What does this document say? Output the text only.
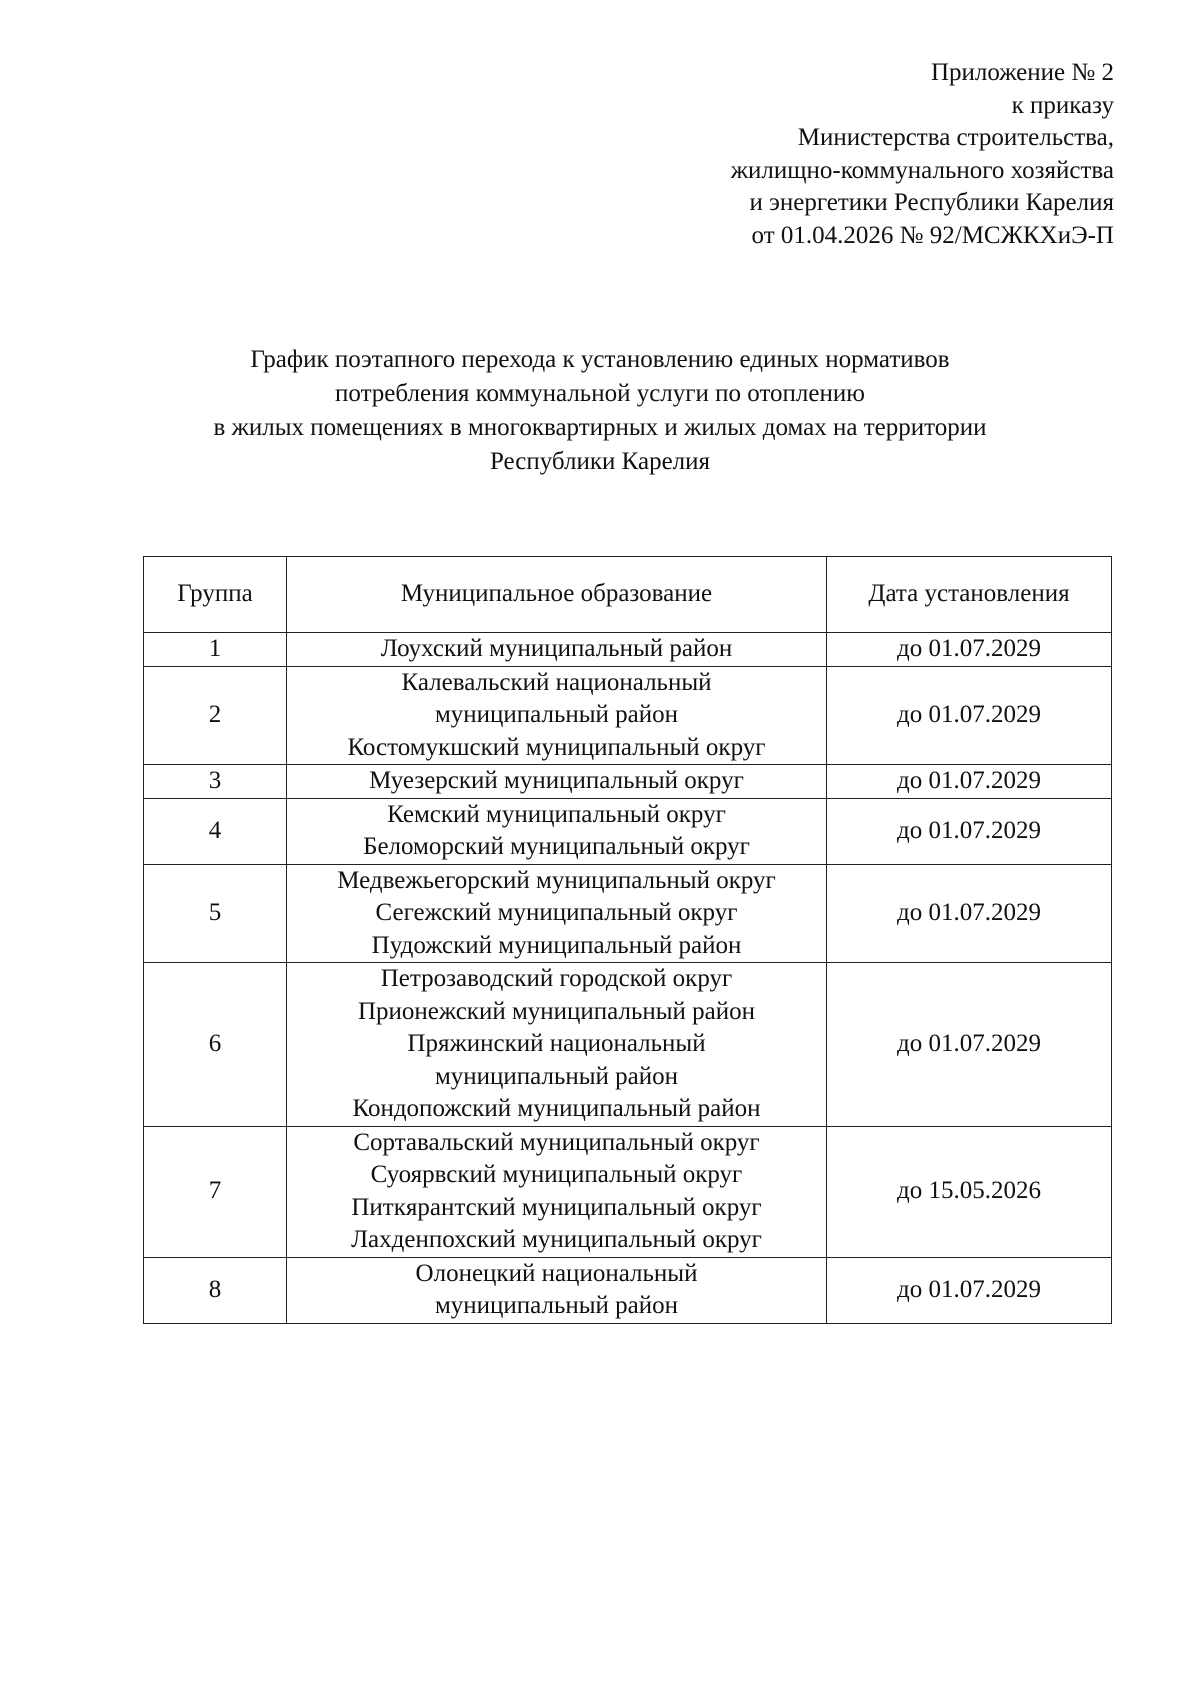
Приложение № 2
к приказу
Министерства строительства,
жилищно-коммунального хозяйства
и энергетики Республики Карелия
от 01.04.2026 № 92/МСЖКХиЭ-П
График поэтапного перехода к установлению единых нормативов
потребления коммунальной услуги по отоплению
в жилых помещениях в многоквартирных и жилых домах на территории
Республики Карелия
Группа	Муниципальное образование	Дата установления
1	Лоухский муниципальный район	до 01.07.2029
2	Калевальский национальный
муниципальный район
Костомукшский муниципальный округ	до 01.07.2029
3	Муезерский муниципальный округ	до 01.07.2029
4	Кемский муниципальный округ
Беломорский муниципальный округ	до 01.07.2029
5	Медвежьегорский муниципальный округ
Сегежский муниципальный округ
Пудожский муниципальный район	до 01.07.2029
6	Петрозаводский городской округ
Прионежский муниципальный район
Пряжинский национальный
муниципальный район
Кондопожский муниципальный район	до 01.07.2029
7	Сортавальский муниципальный округ
Суоярвский муниципальный округ
Питкярантский муниципальный округ
Лахденпохский муниципальный округ	до 15.05.2026
8	Олонецкий национальный
муниципальный район	до 01.07.2029
